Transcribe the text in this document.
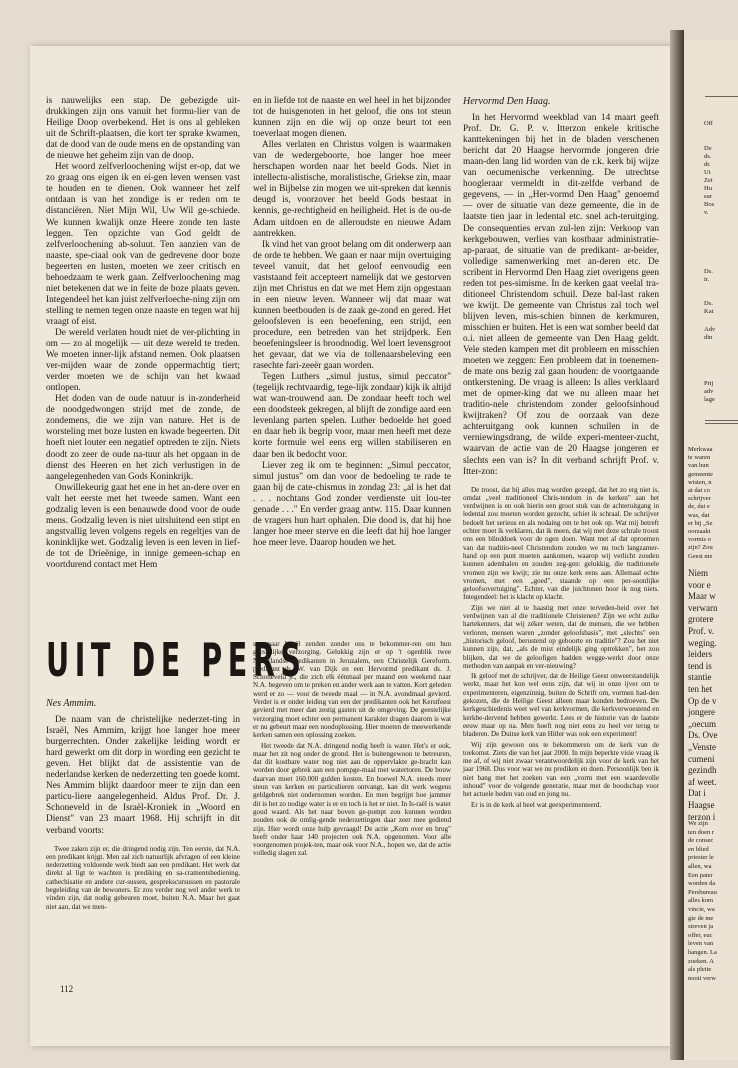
is nauwelijks een stap. De gebezigde uit-drukkingen zijn ons vanuit het formu-lier van de Heilige Doop overbekend. Het is ons al gebleken uit de Schrift-plaatsen, die kort ter sprake kwamen, dat de dood van de oude mens en de opstanding van de nieuwe het geheim zijn van de doop.

Het woord zelfverloochening wijst er-op, dat we zo graag ons eigen ik en ei-gen leven wensen vast te houden en te dienen. Ook wanneer het zelf ontdaan is van het zondige is er reden om te distanciëren. Niet Mijn Wil, Uw Wil ge-schiede. We kunnen kwalijk onze Heere zonde ten laste leggen. Ten opzichte van God geldt de zelfverloochening ab-soluut. Ten aanzien van de naaste, spe-ciaal ook van de gedrevene door boze begeerten en lusten, moeten we zeer critisch en behoedzaam te werk gaan. Zelfverloochening mag niet betekenen dat we in feite de boze plaats geven. Integendeel het kan juist zelfverloeche-ning zijn om stelling te nemen tegen onze naaste en tegen wat hij vraagt of eist.

De wereld verlaten houdt niet de ver-plichting in om — zo al mogelijk — uit deze wereld te treden. We moeten inner-lijk afstand nemen. Ook plaatsen ver-mijden waar de zonde oppermachtig tiert; verder moeten we de schijn van het kwaad ontlopen.

Het doden van de oude natuur is in-zonderheid de noodgedwongen strijd met de zonde, de zondemens, die we zijn van nature. Het is de worsteling met boze lusten en kwade begeerten. Dit hoeft niet louter een negatief optreden te zijn. Niets doodt zo zeer de oude na-tuur als het opgaan in de dienst des Heeren en het zich verlustigen in de aangelegenheden van Gods Koninkrijk.

Onwillekeurig gaat het ene in het an-dere over en valt het eerste met het tweede samen. Want een godzalig leven is een benauwde dood voor de oude mens. Godzalig leven is niet uitsluitend een stipt en angstvallig leven volgens regels en regeltjes van de koninklijke wet. Godzalig leven is een leven in lief-de tot de Drieënige, in innige gemeen-schap en voortdurend contact met Hem

en in liefde tot de naaste en wel heel in het bijzonder tot de huisgenoten in het geloof, die ons tot steun kunnen zijn en die wij op onze beurt tot een toeverlaat mogen dienen.

Alles verlaten en Christus volgen is waarmaken van de wedergeboorte, hoe langer hoe meer herschapen worden naar het beeld Gods. Niet in intellectu-alistische, moralistische, Griekse zin, maar wel in Bijbelse zin mogen we uit-spreken dat kennis deugd is, voorzover het beeld Gods bestaat in kennis, ge-rechtigheid en heiligheid. Het is de ou-de Adam uitdoen en de alleroudste en nieuwe Adam aantrekken.

Ik vind het van groot belang om dit onderwerp aan de orde te hebben. We gaan er naar mijn overtuiging teveel vanuit, dat het geloof eenvoudig een vaststaand feit accepteert namelijk dat we gestorven zijn met Christus en dat we met Hem zijn opgestaan in een nieuw leven. Wanneer wij dat maar wat kunnen beetbouden is de zaak ge-zond en gered. Het geloofsleven is een beoefening, een strijd, een procedure, een betreden van het strijdperk. Een beoefeningsleer is broodnodig. Wel loert levensgroot het gevaar, dat we via de tollenaarsbeleving een rasechte fari-zeeër gaan worden.

Tegen Luthers „simul justus, simul peccator" (tegelijk rechtvaardig, tege-lijk zondaar) kijk ik altijd wat wan-trouwend aan. De zondaar heeft toch wel een doodsteek gekregen, al blijft de zondige aard een levenlang parten spelen. Luther bedoelde het goed en daar heb ik begrip voor, maar men heeft met deze korte formule wel eens erg willen stabiliseren en daar ben ik bedocht voor.

Liever zeg ik om te beginnen: „Simul peccator, simul justus" om dan voor de bedoeling te rade te gaan bij de cate-chismus in zondag 23: „al is het dat . . . nochtans God zonder verdienste uit lou-ter genade . . ." En verder graag antw. 115. Daar kunnen de vragers hun hart ophalen. Die dood is, dat hij hoe langer hoe meer sterve en die leeft dat hij hoe langer hoe meer leve. Daarop houden we het.

Hervormd Den Haag.

In het Hervormd weekblad van 14 maart geeft Prof. Dr. G. P. v. Itterzon enkele kritische kanttekeningen bij het in de bladen verschenen bericht dat 20 Haagse hervormde jongeren drie maan-den lang lid worden van de r.k. kerk bij wijze van oecumenische verkenning. De utrechtse hoogleraar vermeldt in dit-zelfde verband de gegevens, — in „Her-vormd Den Haag" genoemd — over de situatie van deze gemeente, die in de laatste tien jaar in ledental etc. snel ach-teruitging. De consequenties ervan zul-len zijn: Verkoop van kerkgebouwen, verlies van kostbaar administratie-ap-paraat, de situatie van de predikant- ar-beider, volledige samenwerking met an-deren etc. De scribent in Hervormd Den Haag ziet overigens geen reden tot pes-simisme. In de kerken gaat veelal tra-ditioneel Christendom schuil. Deze bal-last raken we kwijt. De gemeente van Christus zal toch wel blijven leven, mis-schien binnen de kerkmuren, misschien er buiten. Het is een wat somber beeld dat o.i. niet alleen de gemeente van Den Haag geldt. Vele steden kampen met dit probleem en misschien moeten we zeggen: Een probleem dat in toenemen-de mate ons bezig zal gaan houden: de voortgaande ontkerstening. De vraag is alleen: Is alles verklaard met de opmer-king dat we nu alleen maar het traditio-nele christendom zonder geloofsinhoud kwijtraken? Of zou de oorzaak van deze achteruitgang ook kunnen schuilen in de verniewingsdrang, de wilde experi-menteer-zucht, waarvan de actie van de 20 Haagse jongeren er slechts een van is? In dit verband schrijft Prof. v. Itter-zon:

De troost, dat bij alles mag worden gezegd, dat het zo erg niet is, omdat „veel traditioneel Chris-tendom in de kerken" aan het verdwijnen is en ook hierin een groot stuk van de achteruitgang in ledental zou moeten worden gezocht, schiet ik schraal. De schrijver bedoelt het serieus en als nodaing om te het ook op. Wat mij betreft echter moet ik verklaren, dat ik meen, dat wij met deze schrale troost ons een blinddoek voor de ogen doen. Want met al dat oproemen van dat traditio-neel Christendom zouden we nu toch langzamer-hand op een punt moeten aankomen, waarop wij verlicht zouden kunnen ademhalen en zouden zeg-gen: gelukkig, die traditionele vromen zijn we kwijt; zie nu onze kerk eens aan. Allemaal echte vromen, met een „goed", staande op een per-soonlijke geloofsovertuiging". Echter, van die juichtonen hoor ik nog niets. Integendeel: het is klacht op klacht.

Zijn we niet al te haastig met onze terveden-heid over het verdwijnen van al die traditionele Christenen? Zijn we echt zulke hartekenners, dat wij zéker weten, dat de mensen, die we hebben verloren, mensen waren „zonder geloofsbasis", met „slechts" een „historisch geloof, berustend op geboorte en traditie"? Zou het niet kunnen zijn, dat, „als de mist eindelijk ging optrekken", het zou blijken, dat we de geloofigen hadden wegge-werkt door onze methoden van aanpak en ver-nieuwing?

Ik geloof met de schrijver, dat de Heilige Geest onweerstandelijk werkt, maar het kon wel eens zijn, dat wij in onze ijver om te experimenteren, eigenzinnig, buiten de Schrift om, vormen had-den gekozen, die de Heilige Geest alleen maar konden bedroeven. De kerkgeschiedenis weet wel van kerkvormen, die kerkverwoestend en kerkbe-dervend hebben gewerkt. Lees er de historie van de laatste eeuw maar op na. Men hoeft nog niet eens zo heel ver terug te bladeren. De Duitse kerk van Hitler was ook een experiment!

Wij zijn gewoon ons te bekommeren om de kerk van de toekomst. Ziets die van het jaar 2000. In mijn beperkte visie vraag ik me af, of wij niet zwaar verantwoordelijk zijn voor de kerk van het jaar 1968. Dus voor wat we nu prediken en doen. Persoonlijk ben ik niet bang met het zoeken van een „vorm met een waardevolle inhoud" voor de volgende generatie, maar met de boodschap voor het actuele heden van oud en jong nu.

Er is in de kerk al heel wat geexperimenteerd.

UIT DE PERS
Nes Ammim.

De naam van de christelijke nederzet-ting in Israël, Nes Ammim, krijgt hoe langer hoe meer burgerrechten. Onder zakelijke leiding wordt er hard gewerkt om dit dorp in wording een gezicht te geven. Het blijkt dat de assistentie van de nederlandse kerken de nederzetting ten goede komt. Nes Ammim blijkt daardoor meer te zijn dan een particu-liere aangelegenheid. Aldus Prof. Dr. J. Schoneveld in de Israël-Kroniek in „Woord en Dienst" van 23 maart 1968. Hij schrijft in dit verband voorts:

Twee zaken zijn er, die dringend nodig zijn. Ten eerste, dat N.A. een predikant krijgt. Men zal zich natuurlijk afvragen of een kleine nederzetting voldoende werk biedt aan een predikant. Het werk dat direkt al ligt te wachten is prediking en sa-cramentsbediening, cathechisatie en andere cur-sussen, gesprekscursussen en pastorale begeleiding van de bewoners. Er zou verder nog wel ander werk te vinden zijn, dat nodig gebeuren moet, buiten N.A. Maar het gaat niet aan, dat we men-

sen naar Israël zenden zonder ons te bekommer-ren om hun geestelijke verzorging. Gelukkig zijn er op 't ogenblik twee Nederlandse predikanten in Jeruzalem, een Christelijk Gereform. predikant ds. W. van Dijk en een Hervormd predikant ds. J. Schoneveld jr., die zich elk éénmaal per maand een weekend naar N.A. begeven om te preken en ander werk aan te vatten. Kort geleden werd er zo — voor de tweede maal — in N.A. avondmaal gevierd. Verder is er onder leiding van een der predikanten ook het Kerstfeest gevierd met meer dan zestig gasten uit de omgeving. De geestelijke verzorging moet echter een permanent karakter dragen daarom is wat er nu gebeurt maar een noodoplossing. Hier moeten de meewerkende kerken samen een oplossing zoeken.

Het tweede dat N.A. dringend nodig heeft is water. Het's er ook, maar het zit nog onder de grond. Het is buitengewoon te betreuren, dat dit kostbare water nog niet aan de oppervlakte ge-bracht kan worden door gebrek aan een pompge-maal met watertoren. De bouw daarvan moet 160.000 gulden kosten. En hoewel N.A. steeds meer steun van kerken en particulieren ontvangt, kan dit werk wegens geldgebrek niet ondernomen worden. En men begrijpt hoe jammer dit is het zo nodige water is er en toch is het er niet. In Is-raël is water goud waard. Als het naar boven ge-pompt zou kunnen worden zouden ook de omlig-gende nederzettingen daar zeer mee gediend zijn. Hier wordt onze hulp gevraagd! De actie „Kom over en brug" heeft onder haar 140 projecten ook N.A. opgenomen. Voor alle voorgenomen projek-ten, maar ook voor N.A., hopen we, dat de actie volledig slagen zal.

112
Off
De
ds.
dr.
Ut
Zei
Hu
ear
Bos
v.
Ds.
ir.
Ds.
Kat
Adv
din
Prij
adv
lage
Merkwaa
te waren
van hun
gemeente
wisten, n
at dat co
schrijver
de, dat e
was, dat
er bij „Se
oorzaakt
vormis o
zijn? Zou
Geest nie
Niem
voor e
Maar w
verwarn
grotere
Prof. v.
weging.
leiders
tend is
stantie
ten het
Op de v
jongere
„oecum
Ds. Ove
„Venste
cumeni
gezindh
af weet.
Dat i
Haagse
terzon i
We zijn
ten doen r
de consec
en blied
priester le
allen, wa
Een pater
worden da
Persbureau
alles kom
vincie, wa
gie de me
streven ja
offer, euc
leven van
hangen. La
zoeken. A
als pleite
nooit verw
